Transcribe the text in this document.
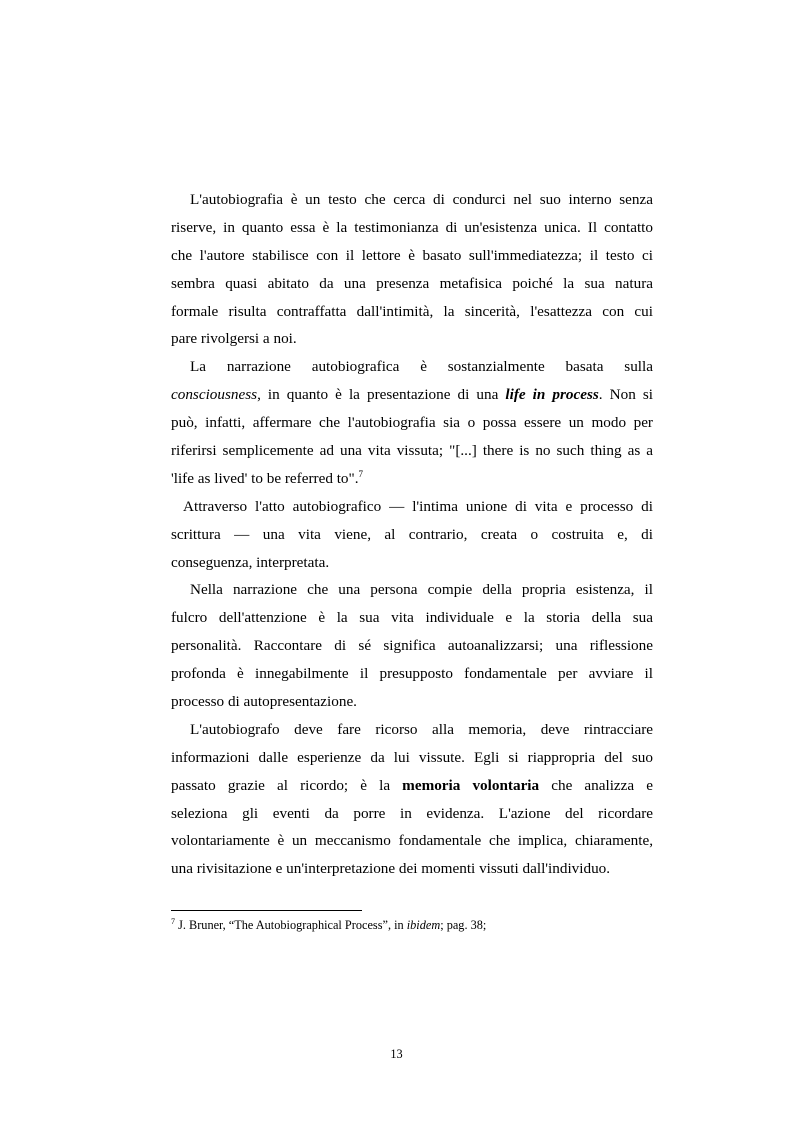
L'autobiografia è un testo che cerca di condurci nel suo interno senza
riserve, in quanto essa è la testimonianza di un'esistenza unica. Il contatto
che l'autore stabilisce con il lettore è basato sull'immediatezza; il testo ci
sembra quasi abitato da una presenza metafisica poiché la sua natura
formale risulta contraffatta dall'intimità, la sincerità, l'esattezza con cui
pare rivolgersi a noi.
La narrazione autobiografica è sostanzialmente basata sulla
consciousness, in quanto è la presentazione di una life in process. Non si
può, infatti, affermare che l'autobiografia sia o possa essere un modo per
riferirsi semplicemente ad una vita vissuta; "[...] there is no such thing as a
'life as lived' to be referred to".$^7$
Attraverso l'atto autobiografico — l'intima unione di vita e processo di
scrittura — una vita viene, al contrario, creata o costruita e, di
conseguenza, interpretata.
Nella narrazione che una persona compie della propria esistenza, il
fulcro dell'attenzione è la sua vita individuale e la storia della sua
personalità. Raccontare di sé significa autoanalizzarsi; una riflessione
profonda è innegabilmente il presupposto fondamentale per avviare il
processo di autopresentazione.
L'autobiografo deve fare ricorso alla memoria, deve rintracciare
informazioni dalle esperienze da lui vissute. Egli si riappropria del suo
passato grazie al ricordo; è la memoria volontaria che analizza e
seleziona gli eventi da porre in evidenza. L'azione del ricordare
volontariamente è un meccanismo fondamentale che implica, chiaramente,
una rivisitazione e un'interpretazione dei momenti vissuti dall'individuo.
$^7$ J. Bruner, “The Autobiographical Process”, in ibidem; pag. 38;
13
